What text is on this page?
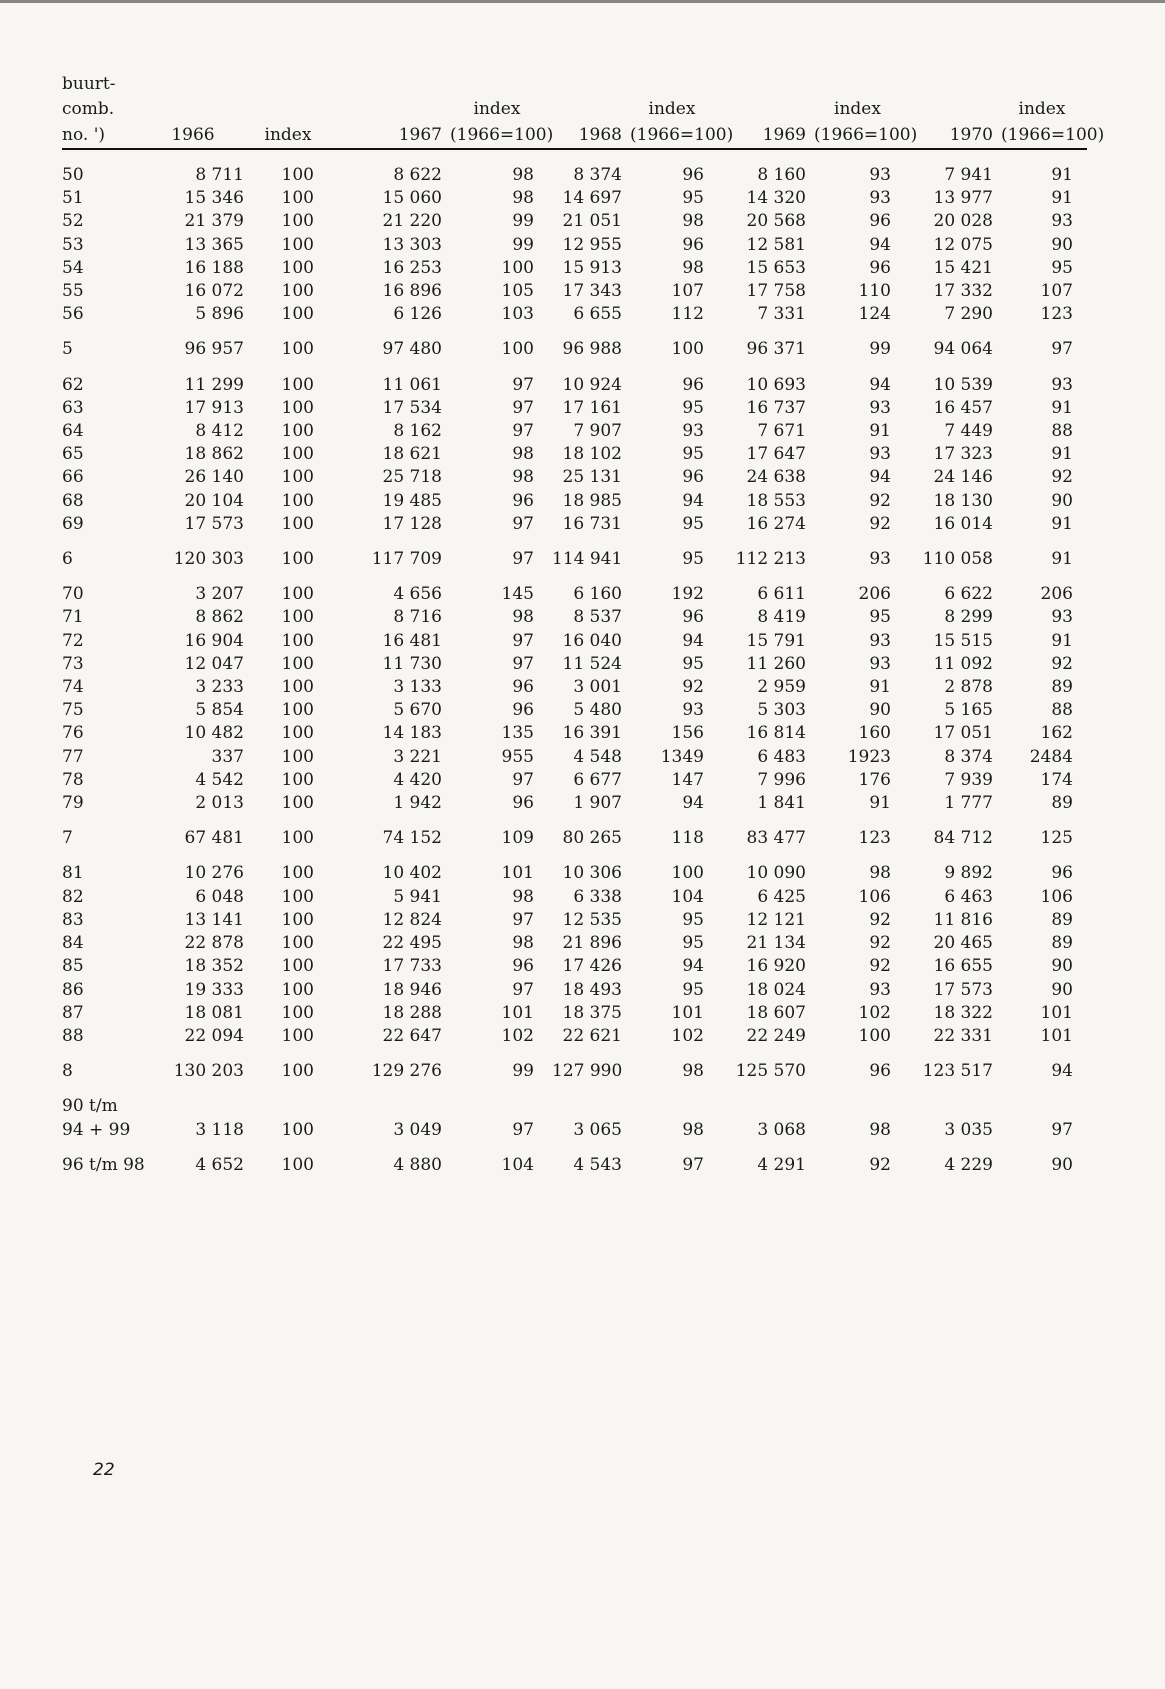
buurt-										
comb.				index		index		index		index
no. ')	1966	index	1967	(1966=100)	1968	(1966=100)	1969	(1966=100)	1970	(1966=100)

50	8 711	100	8 622	98	8 374	96	8 160	93	7 941	91
51	15 346	100	15 060	98	14 697	95	14 320	93	13 977	91
52	21 379	100	21 220	99	21 051	98	20 568	96	20 028	93
53	13 365	100	13 303	99	12 955	96	12 581	94	12 075	90
54	16 188	100	16 253	100	15 913	98	15 653	96	15 421	95
55	16 072	100	16 896	105	17 343	107	17 758	110	17 332	107
56	5 896	100	6 126	103	6 655	112	7 331	124	7 290	123

5	96 957	100	97 480	100	96 988	100	96 371	99	94 064	97

62	11 299	100	11 061	97	10 924	96	10 693	94	10 539	93
63	17 913	100	17 534	97	17 161	95	16 737	93	16 457	91
64	8 412	100	8 162	97	7 907	93	7 671	91	7 449	88
65	18 862	100	18 621	98	18 102	95	17 647	93	17 323	91
66	26 140	100	25 718	98	25 131	96	24 638	94	24 146	92
68	20 104	100	19 485	96	18 985	94	18 553	92	18 130	90
69	17 573	100	17 128	97	16 731	95	16 274	92	16 014	91

6	120 303	100	117 709	97	114 941	95	112 213	93	110 058	91

70	3 207	100	4 656	145	6 160	192	6 611	206	6 622	206
71	8 862	100	8 716	98	8 537	96	8 419	95	8 299	93
72	16 904	100	16 481	97	16 040	94	15 791	93	15 515	91
73	12 047	100	11 730	97	11 524	95	11 260	93	11 092	92
74	3 233	100	3 133	96	3 001	92	2 959	91	2 878	89
75	5 854	100	5 670	96	5 480	93	5 303	90	5 165	88
76	10 482	100	14 183	135	16 391	156	16 814	160	17 051	162
77	337	100	3 221	955	4 548	1349	6 483	1923	8 374	2484
78	4 542	100	4 420	97	6 677	147	7 996	176	7 939	174
79	2 013	100	1 942	96	1 907	94	1 841	91	1 777	89

7	67 481	100	74 152	109	80 265	118	83 477	123	84 712	125

81	10 276	100	10 402	101	10 306	100	10 090	98	9 892	96
82	6 048	100	5 941	98	6 338	104	6 425	106	6 463	106
83	13 141	100	12 824	97	12 535	95	12 121	92	11 816	89
84	22 878	100	22 495	98	21 896	95	21 134	92	20 465	89
85	18 352	100	17 733	96	17 426	94	16 920	92	16 655	90
86	19 333	100	18 946	97	18 493	95	18 024	93	17 573	90
87	18 081	100	18 288	101	18 375	101	18 607	102	18 322	101
88	22 094	100	22 647	102	22 621	102	22 249	100	22 331	101

8	130 203	100	129 276	99	127 990	98	125 570	96	123 517	94

90 t/m										
94 + 99	3 118	100	3 049	97	3 065	98	3 068	98	3 035	97

96 t/m 98	4 652	100	4 880	104	4 543	97	4 291	92	4 229	90
22
